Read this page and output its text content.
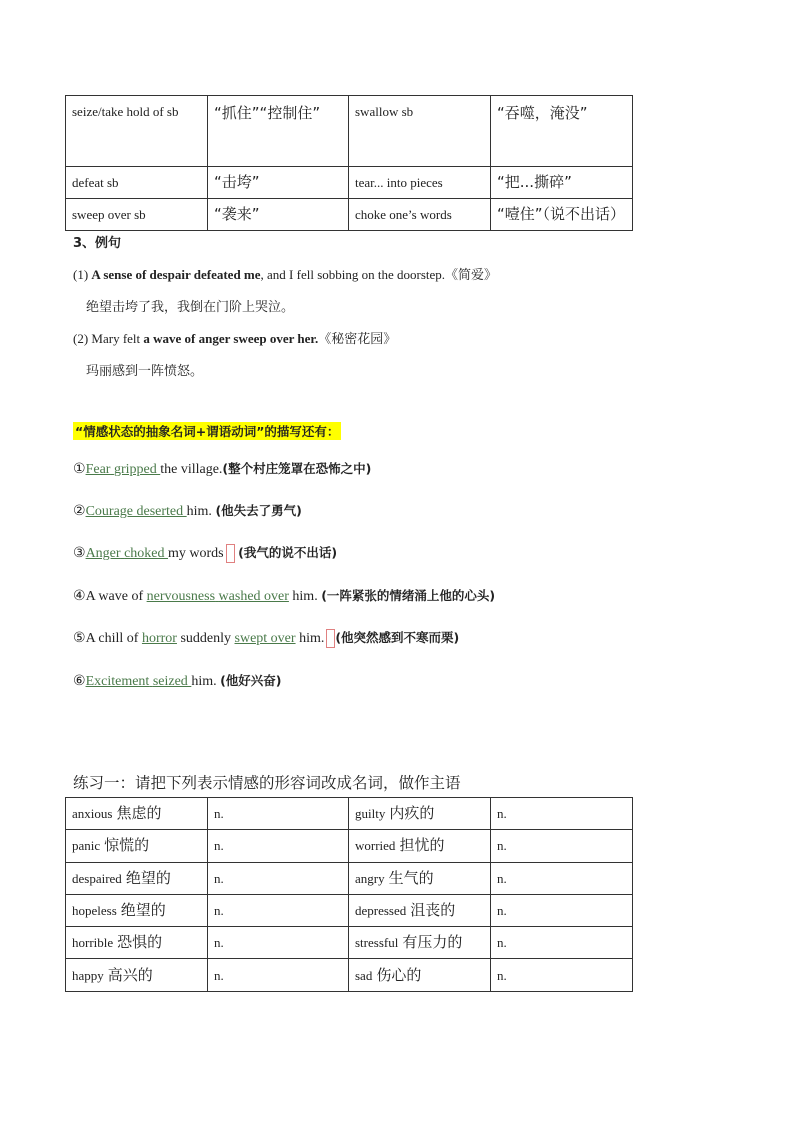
seize/take hold of sb	“抓住”“控制住”	swallow sb	“吞噬，淹没”
defeat sb	“击垮”	tear... into pieces	“把...撕碎”
sweep over sb	“袭来”	choke one’s words	“噎住”（说不出话）
3、例句
(1) A sense of despair defeated me, and I fell sobbing on the doorstep.《简爱》
绝望击垮了我，我倒在门阶上哭泣。
(2) Mary felt a wave of anger sweep over her.《秘密花园》
玛丽感到一阵愤怒。
“情感状态的抽象名词+谓语动词”的描写还有：
①Fear gripped the village.(整个村庄笼罩在恐怖之中)
②Courage deserted him. (他失去了勇气)
③Anger choked my words (我气的说不出话)
④A wave of nervousness washed over him. (一阵紧张的情绪涌上他的心头)
⑤A chill of horror suddenly swept over him. (他突然感到不寒而栗)
⑥Excitement seized him. (他好兴奋)
练习一：请把下列表示情感的形容词改成名词，做作主语
anxious 焦虑的	n.	guilty 内疚的	n.
panic 惊慌的	n.	worried 担忧的	n.
despaired 绝望的	n.	angry 生气的	n.
hopeless 绝望的	n.	depressed 沮丧的	n.
horrible 恐惧的	n.	stressful 有压力的	n.
happy 高兴的	n.	sad 伤心的	n.
